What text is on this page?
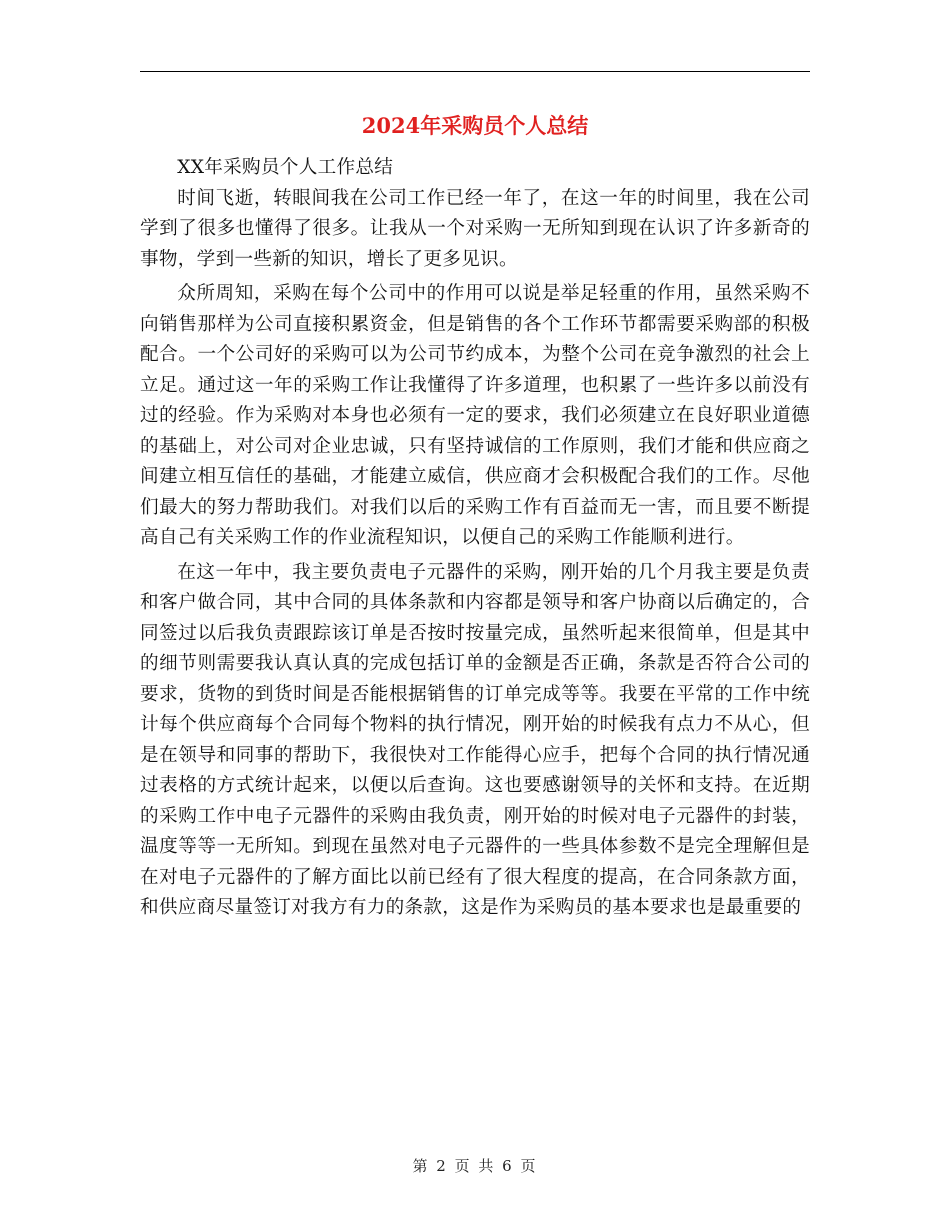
2024年采购员个人总结

XX年采购员个人工作总结

时间飞逝，转眼间我在公司工作已经一年了，在这一年的时间里，我在公司学到了很多也懂得了很多。让我从一个对采购一无所知到现在认识了许多新奇的事物，学到一些新的知识，增长了更多见识。

众所周知，采购在每个公司中的作用可以说是举足轻重的作用，虽然采购不向销售那样为公司直接积累资金，但是销售的各个工作环节都需要采购部的积极配合。一个公司好的采购可以为公司节约成本，为整个公司在竞争激烈的社会上立足。通过这一年的采购工作让我懂得了许多道理，也积累了一些许多以前没有过的经验。作为采购对本身也必须有一定的要求，我们必须建立在良好职业道德的基础上，对公司对企业忠诚，只有坚持诚信的工作原则，我们才能和供应商之间建立相互信任的基础，才能建立威信，供应商才会积极配合我们的工作。尽他们最大的努力帮助我们。对我们以后的采购工作有百益而无一害，而且要不断提高自己有关采购工作的作业流程知识，以便自己的采购工作能顺利进行。

在这一年中，我主要负责电子元器件的采购，刚开始的几个月我主要是负责和客户做合同，其中合同的具体条款和内容都是领导和客户协商以后确定的，合同签过以后我负责跟踪该订单是否按时按量完成，虽然听起来很简单，但是其中的细节则需要我认真认真的完成包括订单的金额是否正确，条款是否符合公司的要求，货物的到货时间是否能根据销售的订单完成等等。我要在平常的工作中统计每个供应商每个合同每个物料的执行情况，刚开始的时候我有点力不从心，但是在领导和同事的帮助下，我很快对工作能得心应手，把每个合同的执行情况通过表格的方式统计起来，以便以后查询。这也要感谢领导的关怀和支持。在近期的采购工作中电子元器件的采购由我负责，刚开始的时候对电子元器件的封装，温度等等一无所知。到现在虽然对电子元器件的一些具体参数不是完全理解但是在对电子元器件的了解方面比以前已经有了很大程度的提高，在合同条款方面，和供应商尽量签订对我方有力的条款，这是作为采购员的基本要求也是最重要的

第 2 页 共 6 页
